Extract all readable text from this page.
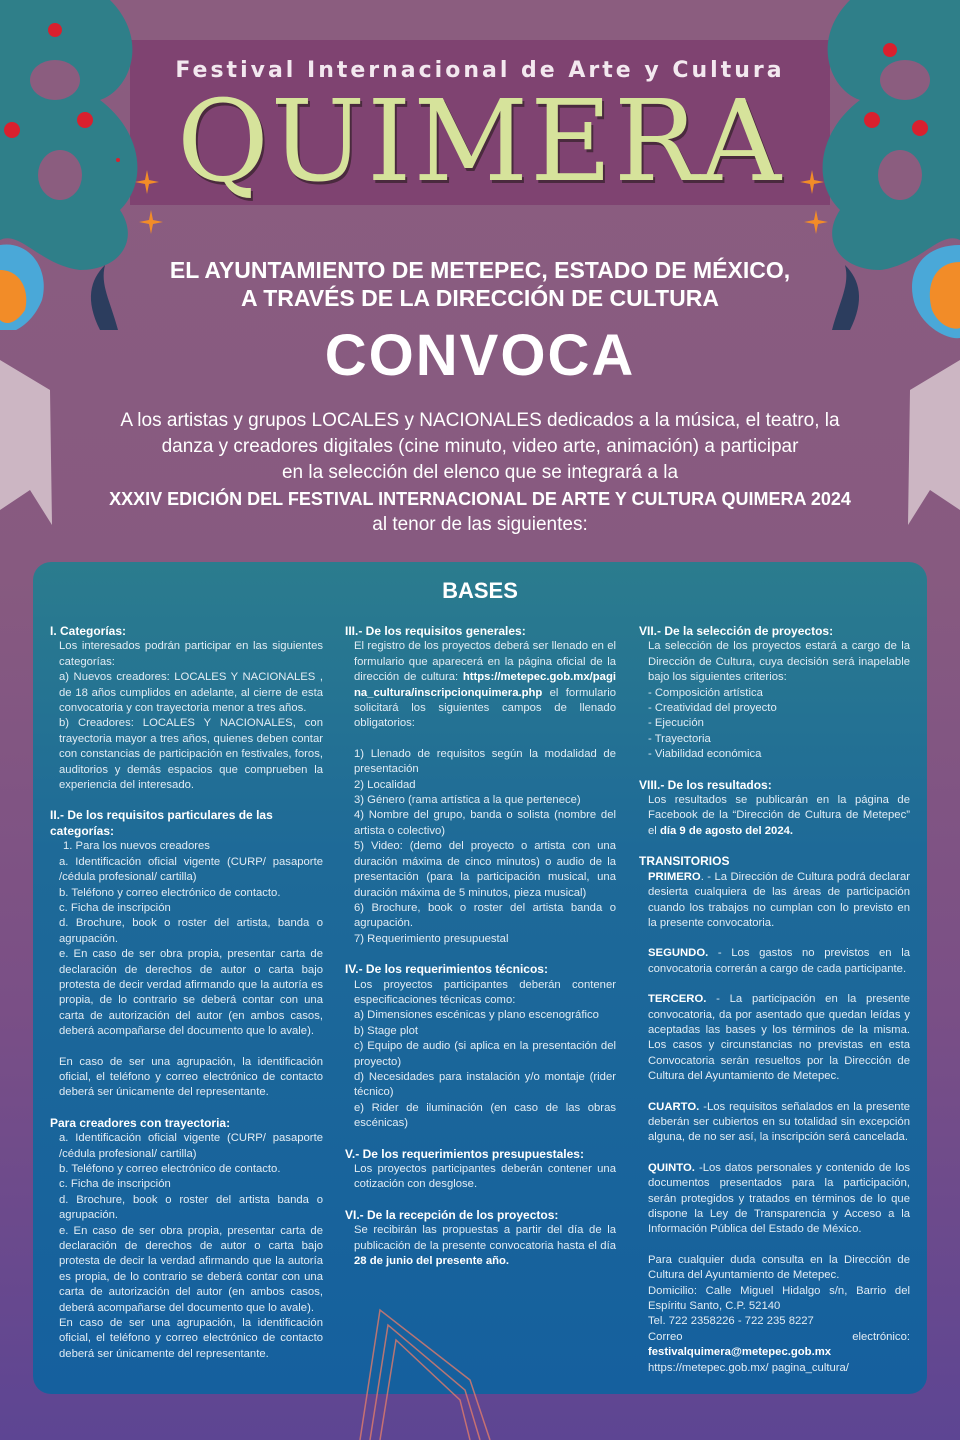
Festival Internacional de Arte y Cultura
QUIMERA
EL AYUNTAMIENTO DE METEPEC, ESTADO DE MÉXICO,
A TRAVÉS DE LA DIRECCIÓN DE CULTURA
CONVOCA
A los artistas y grupos LOCALES y NACIONALES dedicados a la música, el teatro, la
danza y creadores digitales (cine minuto, video arte, animación) a participar
en la selección del elenco que se integrará a la
XXXIV EDICIÓN DEL FESTIVAL INTERNACIONAL DE ARTE Y CULTURA QUIMERA 2024
al tenor de las siguientes:
BASES

I. Categorías:

Los interesados podrán participar en las siguientes categorías:

a) Nuevos creadores: LOCALES Y NACIONALES , de 18 años cumplidos en adelante, al cierre de esta convocatoria y con trayectoria menor a tres años.

b) Creadores: LOCALES Y NACIONALES, con trayectoria mayor a tres años, quienes deben contar con constancias de participación en festivales, foros, auditorios y demás espacios que comprueben la experiencia del interesado.

II.- De los requisitos particulares de las categorías:

1. Para los nuevos creadores

a. Identificación oficial vigente (CURP/ pasaporte /cédula profesional/ cartilla)

b. Teléfono y correo electrónico de contacto.

c. Ficha de inscripción

d. Brochure, book o roster del artista, banda o agrupación.

e. En caso de ser obra propia, presentar carta de declaración de derechos de autor o carta bajo protesta de decir verdad afirmando que la autoría es propia, de lo contrario se deberá contar con una carta de autorización del autor (en ambos casos, deberá acompañarse del documento que lo avale).

En caso de ser una agrupación, la identificación oficial, el teléfono y correo electrónico de contacto deberá ser únicamente del representante.

Para creadores con trayectoria:

a. Identificación oficial vigente (CURP/ pasaporte /cédula profesional/ cartilla)

b. Teléfono y correo electrónico de contacto.

c. Ficha de inscripción

d. Brochure, book o roster del artista banda o agrupación.

e. En caso de ser obra propia, presentar carta de declaración de derechos de autor o carta bajo protesta de decir la verdad afirmando que la autoría es propia, de lo contrario se deberá contar con una carta de autorización del autor (en ambos casos, deberá acompañarse del documento que lo avale).

En caso de ser una agrupación, la identificación oficial, el teléfono y correo electrónico de contacto deberá ser únicamente del representante.

III.- De los requisitos generales:

El registro de los proyectos deberá ser llenado en el formulario que aparecerá en la página oficial de la dirección de cultura: https://metepec.gob.mx/pagina_cultura/inscripcionquimera.php el formulario solicitará los siguientes campos de llenado obligatorios:

1) Llenado de requisitos según la modalidad de presentación

2) Localidad

3) Género (rama artística a la que pertenece)

4) Nombre del grupo, banda o solista (nombre del artista o colectivo)

5) Video: (demo del proyecto o artista con una duración máxima de cinco minutos) o audio de la presentación (para la participación musical, una duración máxima de 5 minutos, pieza musical)

6) Brochure, book o roster del artista banda o agrupación.

7) Requerimiento presupuestal

IV.- De los requerimientos técnicos:

Los proyectos participantes deberán contener especificaciones técnicas como:

a) Dimensiones escénicas y plano escenográfico

b) Stage plot

c) Equipo de audio (si aplica en la presentación del proyecto)

d) Necesidades para instalación y/o montaje (rider técnico)

e) Rider de iluminación (en caso de las obras escénicas)

V.- De los requerimientos presupuestales:

Los proyectos participantes deberán contener una cotización con desglose.

VI.- De la recepción de los proyectos:

Se recibirán las propuestas a partir del día de la publicación de la presente convocatoria hasta el día 28 de junio del presente año.

VII.- De la selección de proyectos:

La selección de los proyectos estará a cargo de la Dirección de Cultura, cuya decisión será inapelable bajo los siguientes criterios:

- Composición artística

- Creatividad del proyecto

- Ejecución

- Trayectoria

- Viabilidad económica

VIII.- De los resultados:

Los resultados se publicarán en la página de Facebook de la “Dirección de Cultura de Metepec” el día 9 de agosto del 2024.

TRANSITORIOS

PRIMERO. - La Dirección de Cultura podrá declarar desierta cualquiera de las áreas de participación cuando los trabajos no cumplan con lo previsto en la presente convocatoria.

SEGUNDO. - Los gastos no previstos en la convocatoria correrán a cargo de cada participante.

TERCERO. - La participación en la presente convocatoria, da por asentado que quedan leídas y aceptadas las bases y los términos de la misma. Los casos y circunstancias no previstas en esta Convocatoria serán resueltos por la Dirección de Cultura del Ayuntamiento de Metepec.

CUARTO. -Los requisitos señalados en la presente deberán ser cubiertos en su totalidad sin excepción alguna, de no ser así, la inscripción será cancelada.

QUINTO. -Los datos personales y contenido de los documentos presentados para la participación, serán protegidos y tratados en términos de lo que dispone la Ley de Transparencia y Acceso a la Información Pública del Estado de México.

Para cualquier duda consulta en la Dirección de Cultura del Ayuntamiento de Metepec.

Domicilio: Calle Miguel Hidalgo s/n, Barrio del Espíritu Santo, C.P. 52140

Tel. 722 2358226 - 722 235 8227

Correo electrónico: festivalquimera@metepec.gob.mx

https://metepec.gob.mx/ pagina_cultura/
